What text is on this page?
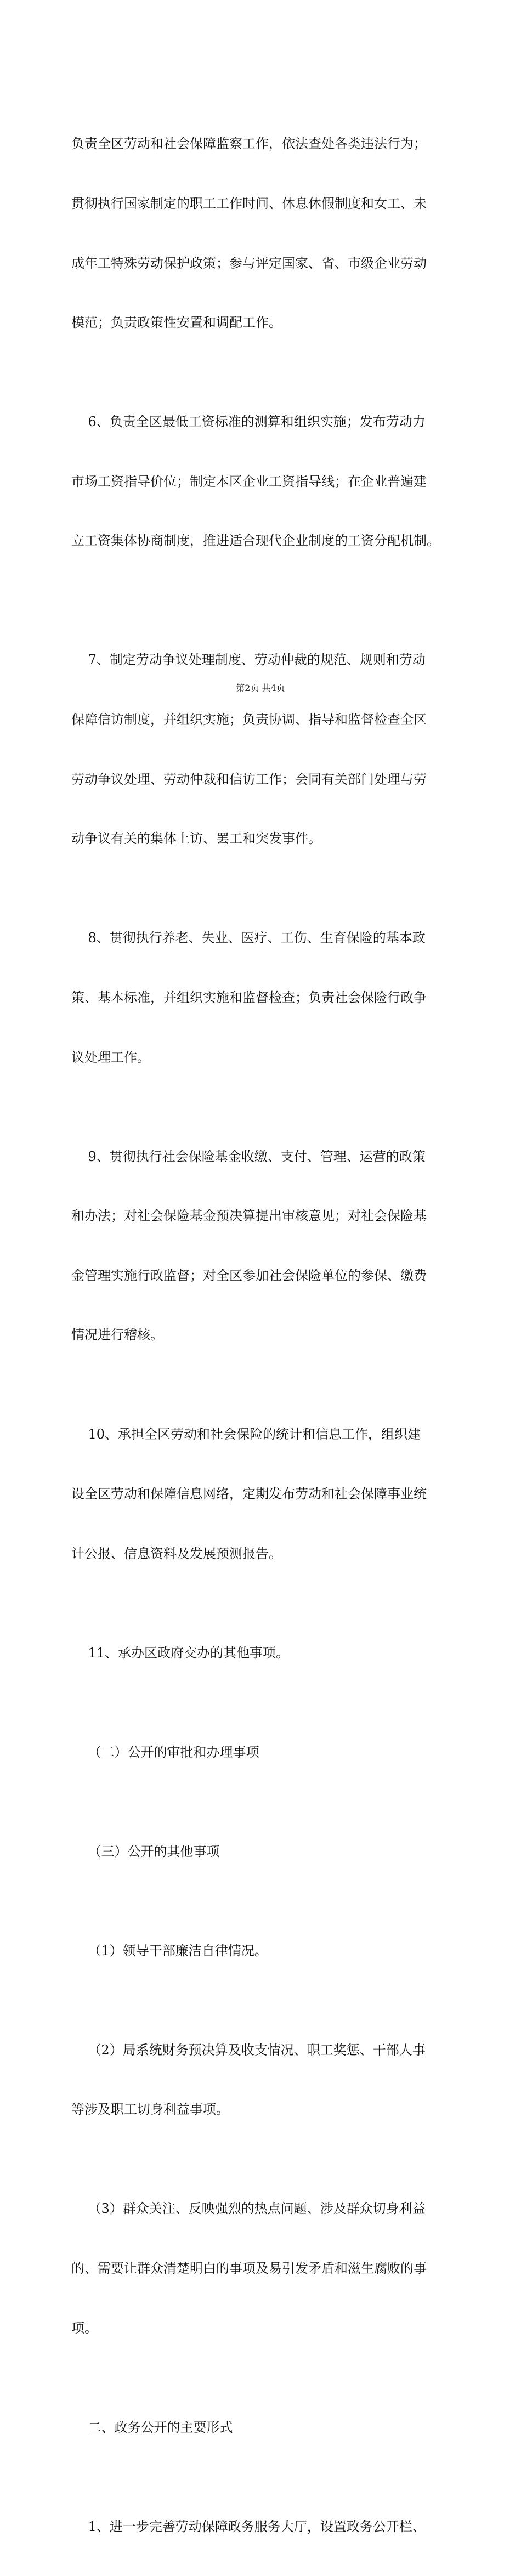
负责全区劳动和社会保障监察工作，依法查处各类违法行为；

贯彻执行国家制定的职工工作时间、休息休假制度和女工、未

成年工特殊劳动保护政策；参与评定国家、省、市级企业劳动

模范；负责政策性安置和调配工作。

6、负责全区最低工资标准的测算和组织实施；发布劳动力

市场工资指导价位；制定本区企业工资指导线；在企业普遍建

立工资集体协商制度，推进适合现代企业制度的工资分配机制。

7、制定劳动争议处理制度、劳动仲裁的规范、规则和劳动

保障信访制度，并组织实施；负责协调、指导和监督检查全区

劳动争议处理、劳动仲裁和信访工作；会同有关部门处理与劳

动争议有关的集体上访、罢工和突发事件。

8、贯彻执行养老、失业、医疗、工伤、生育保险的基本政

策、基本标准，并组织实施和监督检查；负责社会保险行政争

议处理工作。

9、贯彻执行社会保险基金收缴、支付、管理、运营的政策

和办法；对社会保险基金预决算提出审核意见；对社会保险基

金管理实施行政监督；对全区参加社会保险单位的参保、缴费

情况进行稽核。

10、承担全区劳动和社会保险的统计和信息工作，组织建

设全区劳动和保障信息网络，定期发布劳动和社会保障事业统

计公报、信息资料及发展预测报告。

11、承办区政府交办的其他事项。

（二）公开的审批和办理事项

（三）公开的其他事项

（1）领导干部廉洁自律情况。

（2）局系统财务预决算及收支情况、职工奖惩、干部人事

等涉及职工切身利益事项。

（3）群众关注、反映强烈的热点问题、涉及群众切身利益

的、需要让群众清楚明白的事项及易引发矛盾和滋生腐败的事

项。

二、政务公开的主要形式

1、进一步完善劳动保障政务服务大厅，设置政务公开栏、

第2页 共4页
